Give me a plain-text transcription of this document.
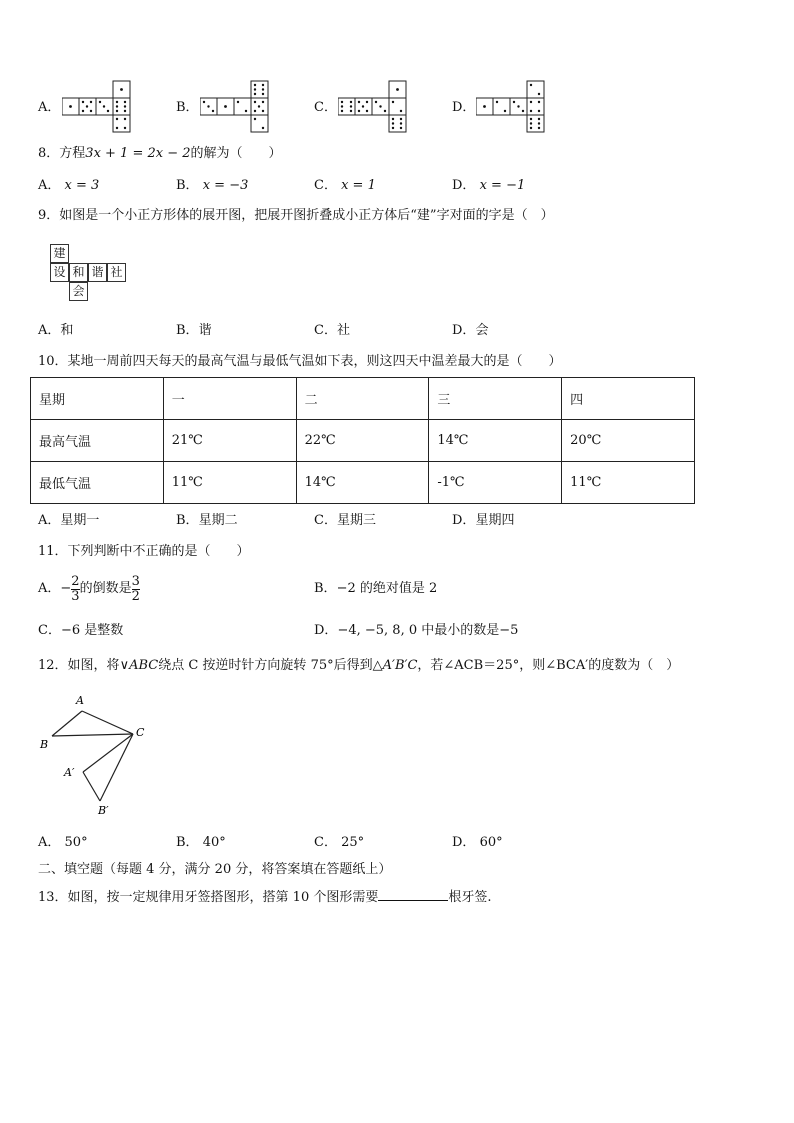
A．	B．	C．	D．
8．方程3x + 1 = 2x − 2的解为（　　）
A． x = 3	B． x = −3	C． x = 1	D． x = −1
9．如图是一个小正方形体的展开图，把展开图折叠成小正方体后“建”字对面的字是（　）
建
设 和 谐 社
会
A．和	B．谐	C．社	D．会
10．某地一周前四天每天的最高气温与最低气温如下表，则这四天中温差最大的是（　　）
星期	一	二	三	四
最高气温	21℃	22℃	14℃	20℃
最低气温	11℃	14℃	-1℃	11℃
A．星期一	B．星期二	C．星期三	D．星期四
11．下列判断中不正确的是（　　）
A． − $\frac{2}{3}$ 的倒数是 $\frac{3}{2}$	B．−2 的绝对值是 2
C．−6 是整数	D．−4, −5, 8, 0 中最小的数是−5
12．如图，将∨ABC绕点 C 按逆时针方向旋转 75°后得到△A′B′C，若∠ACB＝25°，则∠BCA′的度数为（　）
A
B
C
A′
B′
A． 50°	B． 40°	C． 25°	D． 60°
二、填空题（每题 4 分，满分 20 分，将答案填在答题纸上）
13．如图，按一定规律用牙签搭图形，搭第 10 个图形需要	根牙签.
